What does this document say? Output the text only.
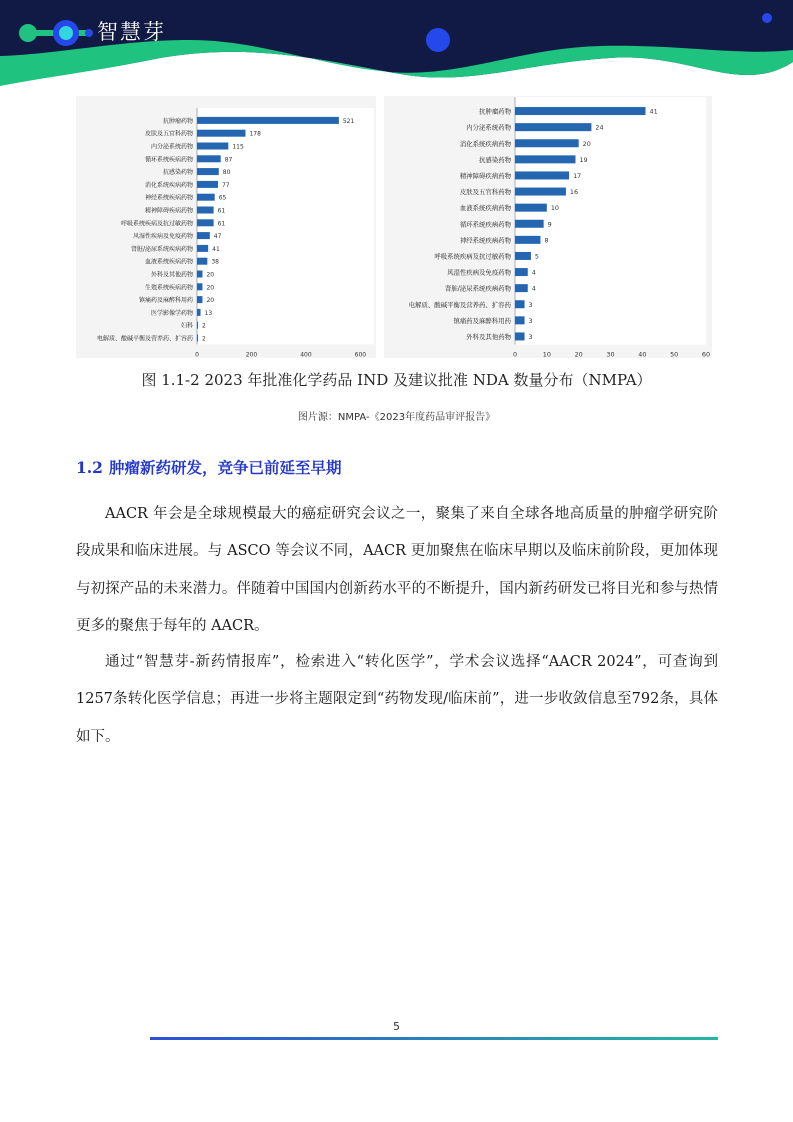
智慧芽
抗肿瘤药物	521
皮肤及五官科药物	178
内分泌系统药物	115
循环系统疾病药物	87
抗感染药物	80
消化系统疾病药物	77
神经系统疾病药物	65
精神障碍疾病药物	61
呼吸系统疾病及抗过敏药物	61
风湿性疾病及免疫药物	47
肾脏/泌尿系统疾病药物	41
血液系统疾病药物	38
外科及其他药物 20
生殖系统疾病药物 20
镇痛药及麻醉科用药 20
医学影像学药物 13
妇科 2
电解质、酸碱平衡及营养药、扩容药 2
0	200	400	600
抗肿瘤药物	41
内分泌系统药物	24
消化系统疾病药物	20
抗感染药物	19
精神障碍疾病药物	17
皮肤及五官科药物	16
血液系统疾病药物	10
循环系统疾病药物	9
神经系统疾病药物	8
呼吸系统疾病及抗过敏药物	5
风湿性疾病及免疫药物	4
肾脏/泌尿系统疾病药物	4
电解质、酸碱平衡及营养药、扩容药	3
镇痛药及麻醉科用药	3
外科及其他药物	3
0	10	20	30	40	50	60
图 1.1-2 2023 年批准化学药品 IND 及建议批准 NDA 数量分布（NMPA）
图片源：NMPA-《2023年度药品审评报告》
1.2 肿瘤新药研发，竞争已前延至早期
AACR 年会是全球规模最大的癌症研究会议之一，聚集了来自全球各地高质量的肿瘤学研究阶段成果和临床进展。与 ASCO 等会议不同，AACR 更加聚焦在临床早期以及临床前阶段，更加体现与初探产品的未来潜力。伴随着中国国内创新药水平的不断提升，国内新药研发已将目光和参与热情更多的聚焦于每年的 AACR。
通过“智慧芽-新药情报库”，检索进入“转化医学”，学术会议选择“AACR 2024”，可查询到1257条转化医学信息；再进一步将主题限定到“药物发现/临床前”，进一步收敛信息至792条，具体如下。
5
